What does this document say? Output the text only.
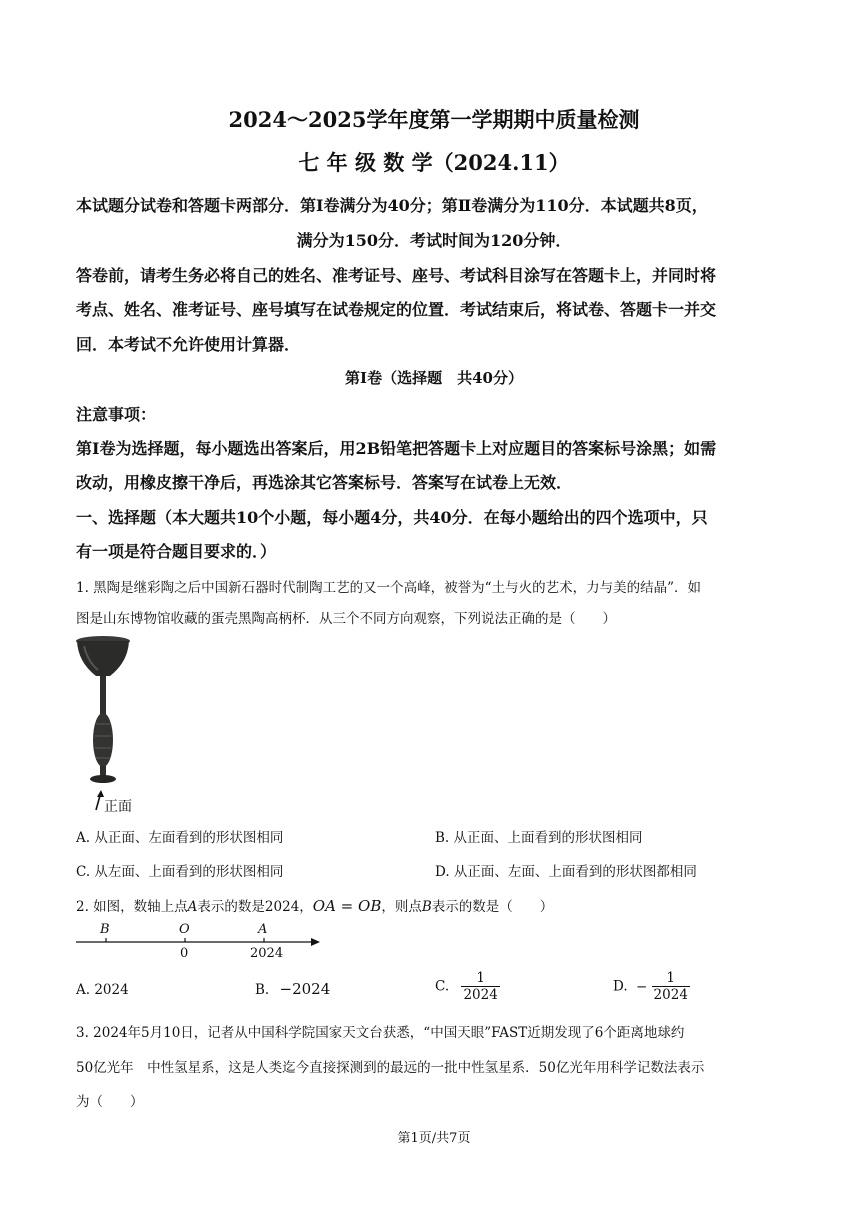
2024～2025学年度第一学期期中质量检测
七 年 级 数 学（2024.11）
本试题分试卷和答题卡两部分．第Ⅰ卷满分为40分；第Ⅱ卷满分为110分．本试题共8页，
满分为150分．考试时间为120分钟．
答卷前，请考生务必将自己的姓名、准考证号、座号、考试科目涂写在答题卡上，并同时将
考点、姓名、准考证号、座号填写在试卷规定的位置．考试结束后，将试卷、答题卡一并交
回．本考试不允许使用计算器．
第Ⅰ卷（选择题　共40分）
注意事项：
第Ⅰ卷为选择题，每小题选出答案后，用2B铅笔把答题卡上对应题目的答案标号涂黑；如需
改动，用橡皮擦干净后，再选涂其它答案标号．答案写在试卷上无效．
一、选择题（本大题共10个小题，每小题4分，共40分．在每小题给出的四个选项中，只
有一项是符合题目要求的．）
1. 黑陶是继彩陶之后中国新石器时代制陶工艺的又一个高峰，被誉为“土与火的艺术，力与美的结晶”．如
图是山东博物馆收藏的蛋壳黑陶高柄杯．从三个不同方向观察，下列说法正确的是（　　）
正面
A. 从正面、左面看到的形状图相同	B. 从正面、上面看到的形状图相同
C. 从左面、上面看到的形状图相同	D. 从正面、左面、上面看到的形状图都相同
2. 如图，数轴上点A表示的数是2024，OA = OB，则点B表示的数是（　　）
B	O	A
0	2024
A. 2024	B. −2024	C. $\frac{1}{2024}$	D. − $\frac{1}{2024}$
3. 2024年5月10日，记者从中国科学院国家天文台获悉，“中国天眼”FAST近期发现了6个距离地球约
50亿光年　中性氢星系，这是人类迄今直接探测到的最远的一批中性氢星系．50亿光年用科学记数法表示
为（　　）
第1页/共7页
